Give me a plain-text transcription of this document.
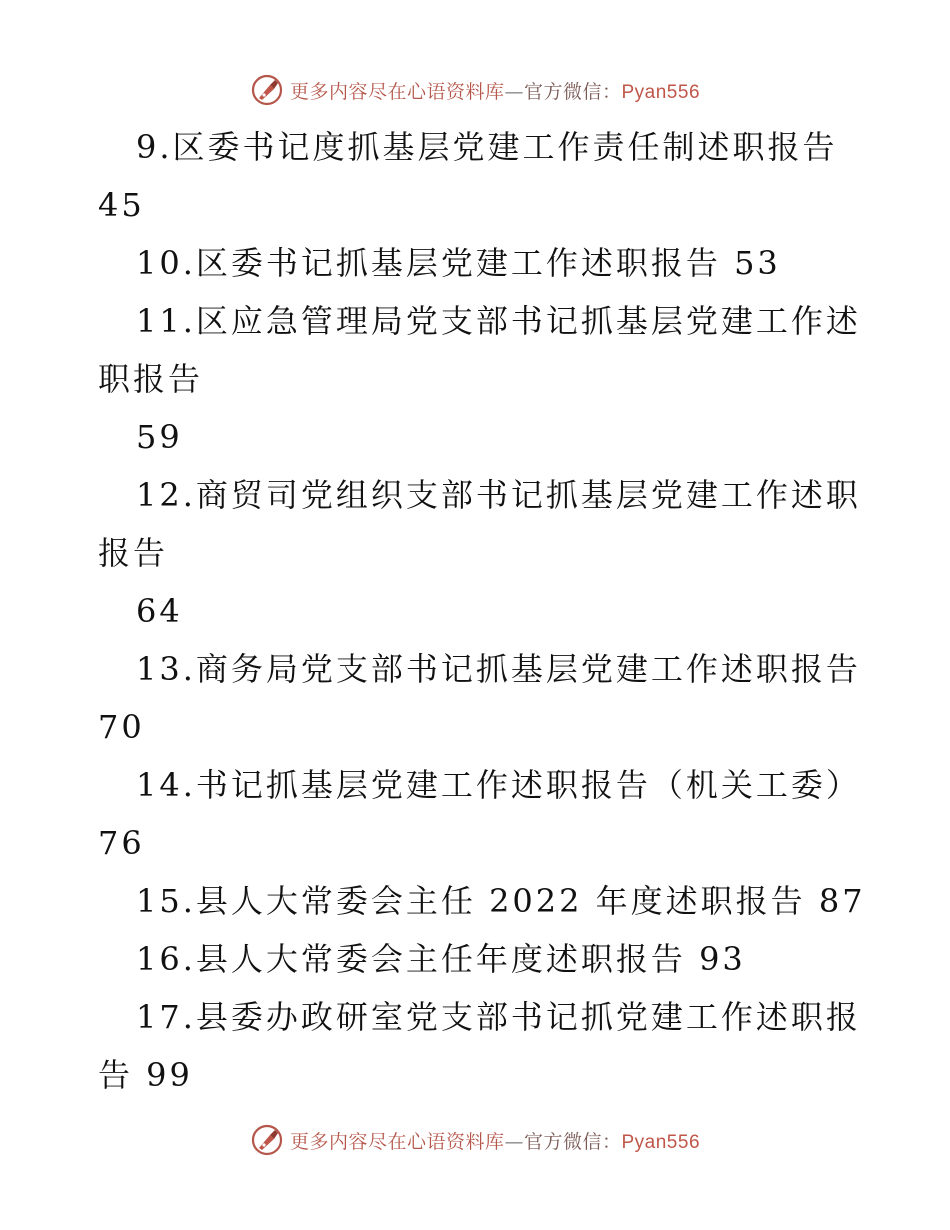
更多内容尽在心语资料库—官方微信：Pyan556
9.区委书记度抓基层党建工作责任制述职报告
45
10.区委书记抓基层党建工作述职报告 53
11.区应急管理局党支部书记抓基层党建工作述
职报告
59
12.商贸司党组织支部书记抓基层党建工作述职
报告
64
13.商务局党支部书记抓基层党建工作述职报告
70
14.书记抓基层党建工作述职报告（机关工委）
76
15.县人大常委会主任 2022 年度述职报告 87
16.县人大常委会主任年度述职报告 93
17.县委办政研室党支部书记抓党建工作述职报
告 99
更多内容尽在心语资料库—官方微信：Pyan556
